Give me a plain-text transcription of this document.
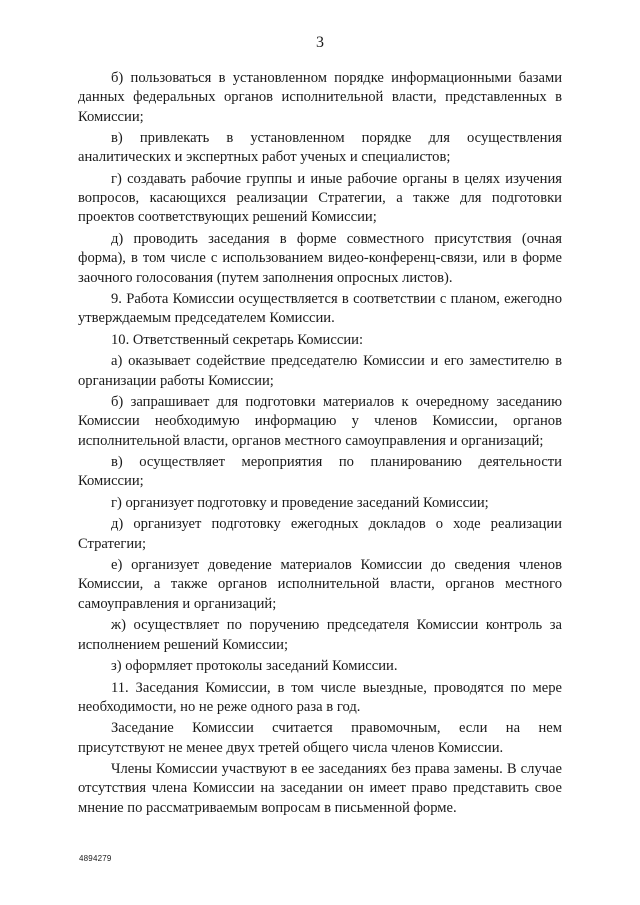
3

б) пользоваться в установленном порядке информационными базами данных федеральных органов исполнительной власти, представленных в Комиссии;

в) привлекать в установленном порядке для осуществления аналитических и экспертных работ ученых и специалистов;

г) создавать рабочие группы и иные рабочие органы в целях изучения вопросов, касающихся реализации Стратегии, а также для подготовки проектов соответствующих решений Комиссии;

д) проводить заседания в форме совместного присутствия (очная форма), в том числе с использованием видео-конференц-связи, или в форме заочного голосования (путем заполнения опросных листов).

9. Работа Комиссии осуществляется в соответствии с планом, ежегодно утверждаемым председателем Комиссии.

10. Ответственный секретарь Комиссии:

а) оказывает содействие председателю Комиссии и его заместителю в организации работы Комиссии;

б) запрашивает для подготовки материалов к очередному заседанию Комиссии необходимую информацию у членов Комиссии, органов исполнительной власти, органов местного самоуправления и организаций;

в) осуществляет мероприятия по планированию деятельности Комиссии;

г) организует подготовку и проведение заседаний Комиссии;

д) организует подготовку ежегодных докладов о ходе реализации Стратегии;

е) организует доведение материалов Комиссии до сведения членов Комиссии, а также органов исполнительной власти, органов местного самоуправления и организаций;

ж) осуществляет по поручению председателя Комиссии контроль за исполнением решений Комиссии;

з) оформляет протоколы заседаний Комиссии.

11. Заседания Комиссии, в том числе выездные, проводятся по мере необходимости, но не реже одного раза в год.

Заседание Комиссии считается правомочным, если на нем присутствуют не менее двух третей общего числа членов Комиссии.

Члены Комиссии участвуют в ее заседаниях без права замены. В случае отсутствия члена Комиссии на заседании он имеет право представить свое мнение по рассматриваемым вопросам в письменной форме.

4894279
